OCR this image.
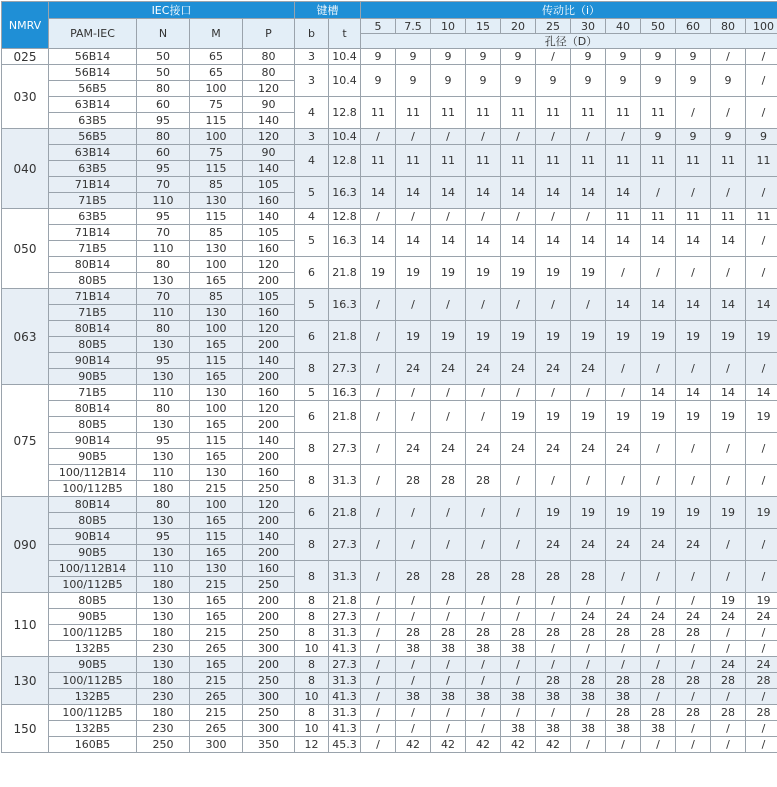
NMRV	IEC接口				键槽		传动比（i）											
	PAM-IEC	N	M	P	b	t	5	7.5	10	15	20	25	30	40	50	60	80	100
							孔径（D）											
025	56B14	50	65	80	3	10.4	9	9	9	9	9	/	9	9	9	9	/	/
030	56B14	50	65	80	3	10.4	9	9	9	9	9	9	9	9	9	9	9	/
	56B5	80	100	120														
	63B14	60	75	90	4	12.8	11	11	11	11	11	11	11	11	11	/	/	/
	63B5	95	115	140														
040	56B5	80	100	120	3	10.4	/	/	/	/	/	/	/	/	9	9	9	9
	63B14	60	75	90	4	12.8	11	11	11	11	11	11	11	11	11	11	11	11
	63B5	95	115	140														
	71B14	70	85	105	5	16.3	14	14	14	14	14	14	14	14	/	/	/	/
	71B5	110	130	160														
050	63B5	95	115	140	4	12.8	/	/	/	/	/	/	/	11	11	11	11	11
	71B14	70	85	105	5	16.3	14	14	14	14	14	14	14	14	14	14	14	/
	71B5	110	130	160														
	80B14	80	100	120	6	21.8	19	19	19	19	19	19	19	/	/	/	/	/
	80B5	130	165	200														
063	71B14	70	85	105	5	16.3	/	/	/	/	/	/	/	14	14	14	14	14
	71B5	110	130	160														
	80B14	80	100	120	6	21.8	/	19	19	19	19	19	19	19	19	19	19	19
	80B5	130	165	200														
	90B14	95	115	140	8	27.3	/	24	24	24	24	24	24	/	/	/	/	/
	90B5	130	165	200														
075	71B5	110	130	160	5	16.3	/	/	/	/	/	/	/	/	14	14	14	14
	80B14	80	100	120	6	21.8	/	/	/	/	19	19	19	19	19	19	19	19
	80B5	130	165	200														
	90B14	95	115	140	8	27.3	/	24	24	24	24	24	24	24	/	/	/	/
	90B5	130	165	200														
	100/112B14	110	130	160	8	31.3	/	28	28	28	/	/	/	/	/	/	/	/
	100/112B5	180	215	250														
090	80B14	80	100	120	6	21.8	/	/	/	/	/	19	19	19	19	19	19	19
	80B5	130	165	200														
	90B14	95	115	140	8	27.3	/	/	/	/	/	24	24	24	24	24	/	/
	90B5	130	165	200														
	100/112B14	110	130	160	8	31.3	/	28	28	28	28	28	28	/	/	/	/	/
	100/112B5	180	215	250														
110	80B5	130	165	200	8	21.8	/	/	/	/	/	/	/	/	/	/	19	19
	90B5	130	165	200	8	27.3	/	/	/	/	/	/	24	24	24	24	24	24
	100/112B5	180	215	250	8	31.3	/	28	28	28	28	28	28	28	28	28	/	/
	132B5	230	265	300	10	41.3	/	38	38	38	38	/	/	/	/	/	/	/
130	90B5	130	165	200	8	27.3	/	/	/	/	/	/	/	/	/	/	24	24
	100/112B5	180	215	250	8	31.3	/	/	/	/	/	28	28	28	28	28	28	28
	132B5	230	265	300	10	41.3	/	38	38	38	38	38	38	38	/	/	/	/
150	100/112B5	180	215	250	8	31.3	/	/	/	/	/	/	/	28	28	28	28	28
	132B5	230	265	300	10	41.3	/	/	/	/	38	38	38	38	38	/	/	/
	160B5	250	300	350	12	45.3	/	42	42	42	42	42	/	/	/	/	/	/
